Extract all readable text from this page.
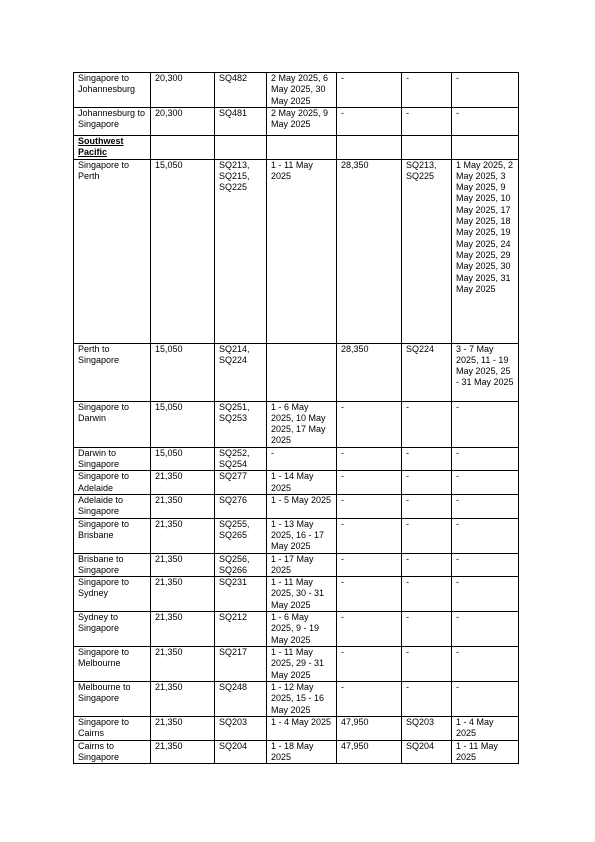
Singapore to Johannesburg	20,300	SQ482	2 May 2025, 6 May 2025, 30 May 2025	-	-	-
Johannesburg to Singapore	20,300	SQ481	2 May 2025, 9 May 2025	-	-	-
Southwest Pacific						
Singapore to Perth	15,050	SQ213, SQ215, SQ225	1 - 11 May 2025	28,350	SQ213, SQ225	1 May 2025, 2 May 2025, 3 May 2025, 9 May 2025, 10 May 2025, 17 May 2025, 18 May 2025, 19 May 2025, 24 May 2025, 29 May 2025, 30 May 2025, 31 May 2025
Perth to Singapore	15,050	SQ214, SQ224		28,350	SQ224	3 - 7 May 2025, 11 - 19 May 2025, 25 - 31 May 2025
Singapore to Darwin	15,050	SQ251, SQ253	1 - 6 May 2025, 10 May 2025, 17 May 2025	-	-	-
Darwin to Singapore	15,050	SQ252, SQ254	-	-	-	-
Singapore to Adelaide	21,350	SQ277	1 - 14 May 2025	-	-	-
Adelaide to Singapore	21,350	SQ276	1 - 5 May 2025	-	-	-
Singapore to Brisbane	21,350	SQ255, SQ265	1 - 13 May 2025, 16 - 17 May 2025	-	-	-
Brisbane to Singapore	21,350	SQ256, SQ266	1 - 17 May 2025	-	-	-
Singapore to Sydney	21,350	SQ231	1 - 11 May 2025, 30 - 31 May 2025	-	-	-
Sydney to Singapore	21,350	SQ212	1 - 6 May 2025, 9 - 19 May 2025	-	-	-
Singapore to Melbourne	21,350	SQ217	1 - 11 May 2025, 29 - 31 May 2025	-	-	-
Melbourne to Singapore	21,350	SQ248	1 - 12 May 2025, 15 - 16 May 2025	-	-	-
Singapore to Cairns	21,350	SQ203	1 - 4 May 2025	47,950	SQ203	1 - 4 May 2025
Cairns to Singapore	21,350	SQ204	1 - 18 May 2025	47,950	SQ204	1 - 11 May 2025
